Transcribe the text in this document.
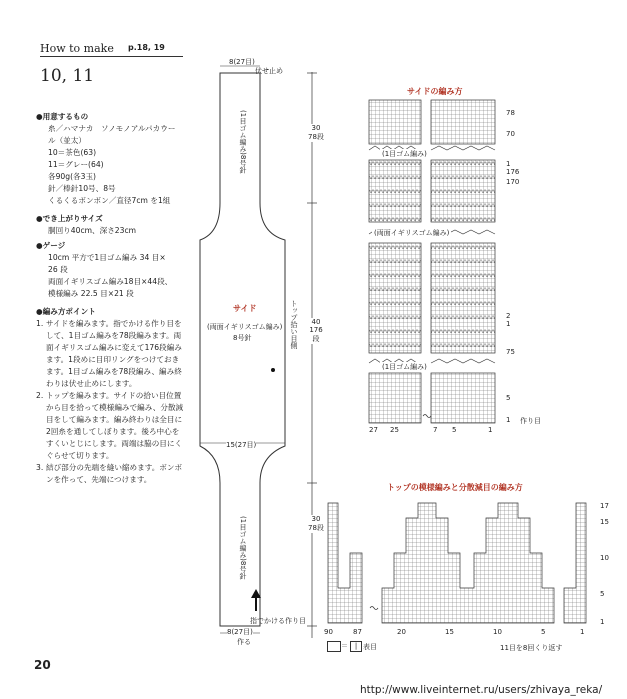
How to make p.18, 19
10, 11
●用意するもの
糸／ハマナカ　ソノモノアルパカウー
ル（並太）
10＝茶色(63)
11＝グレー(64)
各90g(各3玉)
針／棒針10号、8号
くるくるボンボン／直径7cm を1組
●でき上がりサイズ
胴回り40cm、深さ23cm
●ゲージ
10cm 平方で1目ゴム編み 34 目×
26 段
両面イギリスゴム編み18目×44段、
模様編み 22.5 目×21 段
●編み方ポイント
1. サイドを編みます。指でかける作り目をして、1目ゴム編みを78段編みます。両面イギリスゴム編みに変えて176段編みます。1段めに目印リングをつけておきます。1目ゴム編みを78段編み、編み終わりは伏せ止めにします。
2. トップを編みます。サイドの拾い目位置から目を拾って模様編みで編み、分散減目をして編みます。編み終わりは全目に2回糸を通してしぼります。後ろ中心をすくいとじにします。両端は脇の目にくぐらせて切ります。
3. 結び部分の先端を縫い縮めます。ボンボンを作って、先端につけます。
8(27目)
伏せ止め
(1目ゴム編み)8号針	30 78段
サイド
(両面イギリスゴム編み)
8号針
40 176段
トップ拾い目側
15(27目)
(1目ゴム編み)8号針	30 78段
8(27目)
指でかける作り目
作る
サイドの編み方
(1目ゴム編み)
(両面イギリスゴム編み)
(1目ゴム編み)
27 25	7 5	1
78
70
1
176
170
2
1
75
5
1 作り目
トップの模様編みと分散減目の編み方
90	87	20	15	10	5	1
17
15
10
5
1
11目を8回くり返す
＝ | 表目
20
http://www.liveinternet.ru/users/zhivaya_reka/
